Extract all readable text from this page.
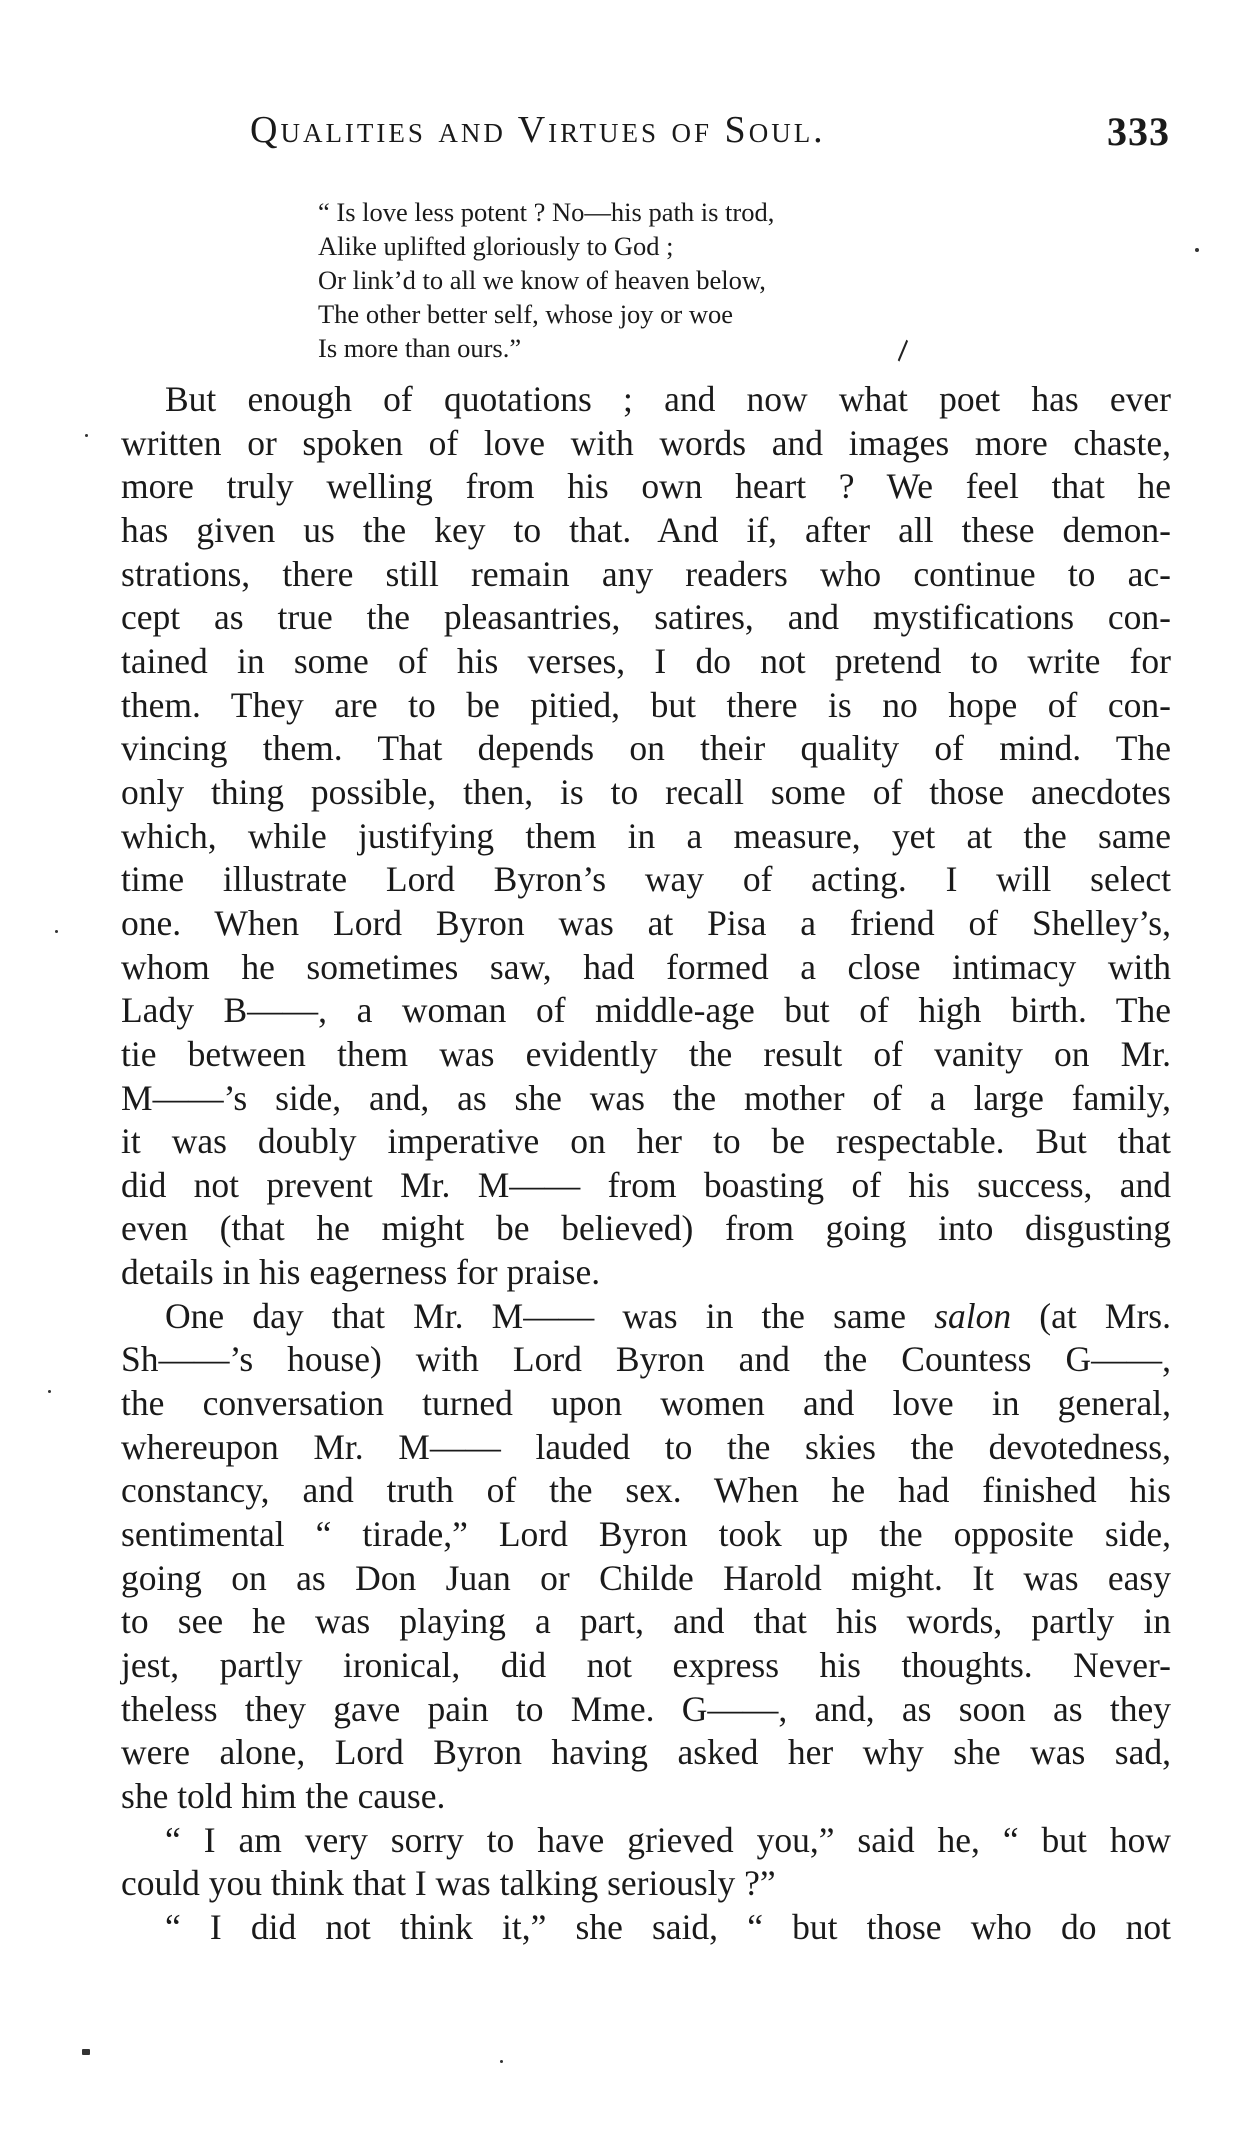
Qualities and Virtues of Soul.	333
“ Is love less potent ? No—his path is trod,
Alike uplifted gloriously to God ;
Or link’d to all we know of heaven below,
The other better self, whose joy or woe
Is more than ours.”
But enough of quotations ; and now what poet has ever
written or spoken of love with words and images more chaste,
more truly welling from his own heart ? We feel that he
has given us the key to that. And if, after all these demon-
strations, there still remain any readers who continue to ac-
cept as true the pleasantries, satires, and mystifications con-
tained in some of his verses, I do not pretend to write for
them. They are to be pitied, but there is no hope of con-
vincing them. That depends on their quality of mind. The
only thing possible, then, is to recall some of those anecdotes
which, while justifying them in a measure, yet at the same
time illustrate Lord Byron’s way of acting. I will select
one. When Lord Byron was at Pisa a friend of Shelley’s,
whom he sometimes saw, had formed a close intimacy with
Lady B——, a woman of middle-age but of high birth. The
tie between them was evidently the result of vanity on Mr.
M——’s side, and, as she was the mother of a large family,
it was doubly imperative on her to be respectable. But that
did not prevent Mr. M—— from boasting of his success, and
even (that he might be believed) from going into disgusting
details in his eagerness for praise.
One day that Mr. M—— was in the same salon (at Mrs.
Sh——’s house) with Lord Byron and the Countess G——,
the conversation turned upon women and love in general,
whereupon Mr. M—— lauded to the skies the devotedness,
constancy, and truth of the sex. When he had finished his
sentimental “ tirade,” Lord Byron took up the opposite side,
going on as Don Juan or Childe Harold might. It was easy
to see he was playing a part, and that his words, partly in
jest, partly ironical, did not express his thoughts. Never-
theless they gave pain to Mme. G——, and, as soon as they
were alone, Lord Byron having asked her why she was sad,
she told him the cause.
“ I am very sorry to have grieved you,” said he, “ but how
could you think that I was talking seriously ?”
“ I did not think it,” she said, “ but those who do not
∖
